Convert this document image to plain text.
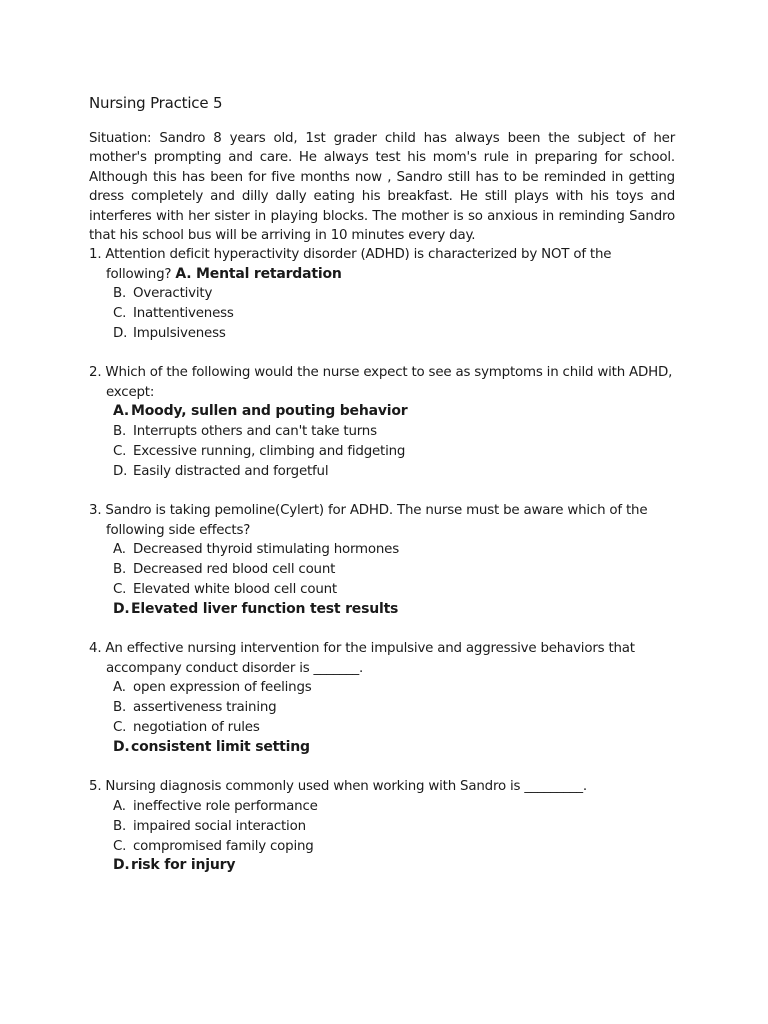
Nursing Practice 5

Situation: Sandro 8 years old, 1st grader child has always been the subject of her mother's prompting and care. He always test his mom's rule in preparing for school. Although this has been for five months now , Sandro still has to be reminded in getting dress completely and dilly dally eating his breakfast. He still plays with his toys and interferes with her sister in playing blocks. The mother is so anxious in reminding Sandro that his school bus will be arriving in 10 minutes every day.

1. Attention deficit hyperactivity disorder (ADHD) is characterized by NOT of the following? A. Mental retardation
B. Overactivity
C. Inattentiveness
D. Impulsiveness
2. Which of the following would the nurse expect to see as symptoms in child with ADHD, except:
A. Moody, sullen and pouting behavior
B. Interrupts others and can't take turns
C. Excessive running, climbing and fidgeting
D. Easily distracted and forgetful
3. Sandro is taking pemoline(Cylert) for ADHD. The nurse must be aware which of the following side effects?
A. Decreased thyroid stimulating hormones
B. Decreased red blood cell count
C. Elevated white blood cell count
D. Elevated liver function test results
4. An effective nursing intervention for the impulsive and aggressive behaviors that accompany conduct disorder is _______.
A. open expression of feelings
B. assertiveness training
C. negotiation of rules
D. consistent limit setting
5. Nursing diagnosis commonly used when working with Sandro is _________.
A. ineffective role performance
B. impaired social interaction
C. compromised family coping
D. risk for injury
